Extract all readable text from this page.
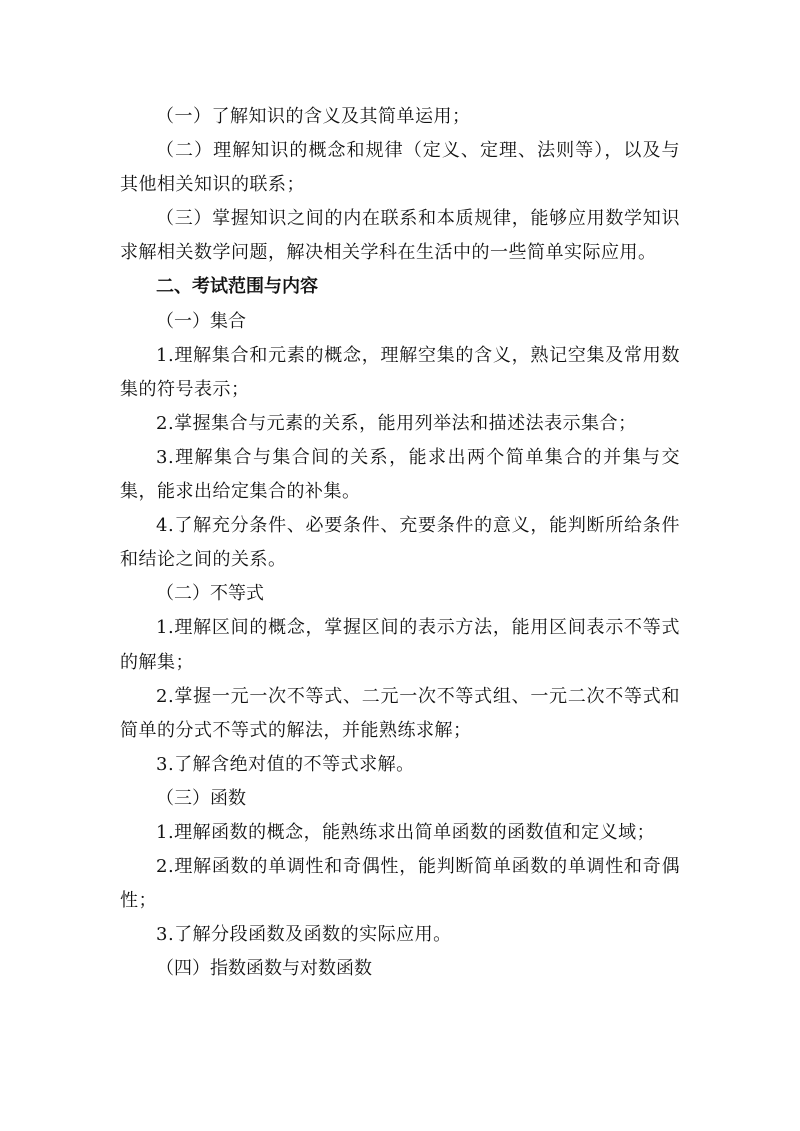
（一）了解知识的含义及其简单运用；

（二）理解知识的概念和规律（定义、定理、法则等），以及与其他相关知识的联系；

（三）掌握知识之间的内在联系和本质规律，能够应用数学知识求解相关数学问题，解决相关学科在生活中的一些简单实际应用。

二、考试范围与内容

（一）集合

1.理解集合和元素的概念，理解空集的含义，熟记空集及常用数集的符号表示；

2.掌握集合与元素的关系，能用列举法和描述法表示集合；

3.理解集合与集合间的关系，能求出两个简单集合的并集与交集，能求出给定集合的补集。

4.了解充分条件、必要条件、充要条件的意义，能判断所给条件和结论之间的关系。

（二）不等式

1.理解区间的概念，掌握区间的表示方法，能用区间表示不等式的解集；

2.掌握一元一次不等式、二元一次不等式组、一元二次不等式和简单的分式不等式的解法，并能熟练求解；

3.了解含绝对值的不等式求解。

（三）函数

1.理解函数的概念，能熟练求出简单函数的函数值和定义域；

2.理解函数的单调性和奇偶性，能判断简单函数的单调性和奇偶性；

3.了解分段函数及函数的实际应用。

（四）指数函数与对数函数
